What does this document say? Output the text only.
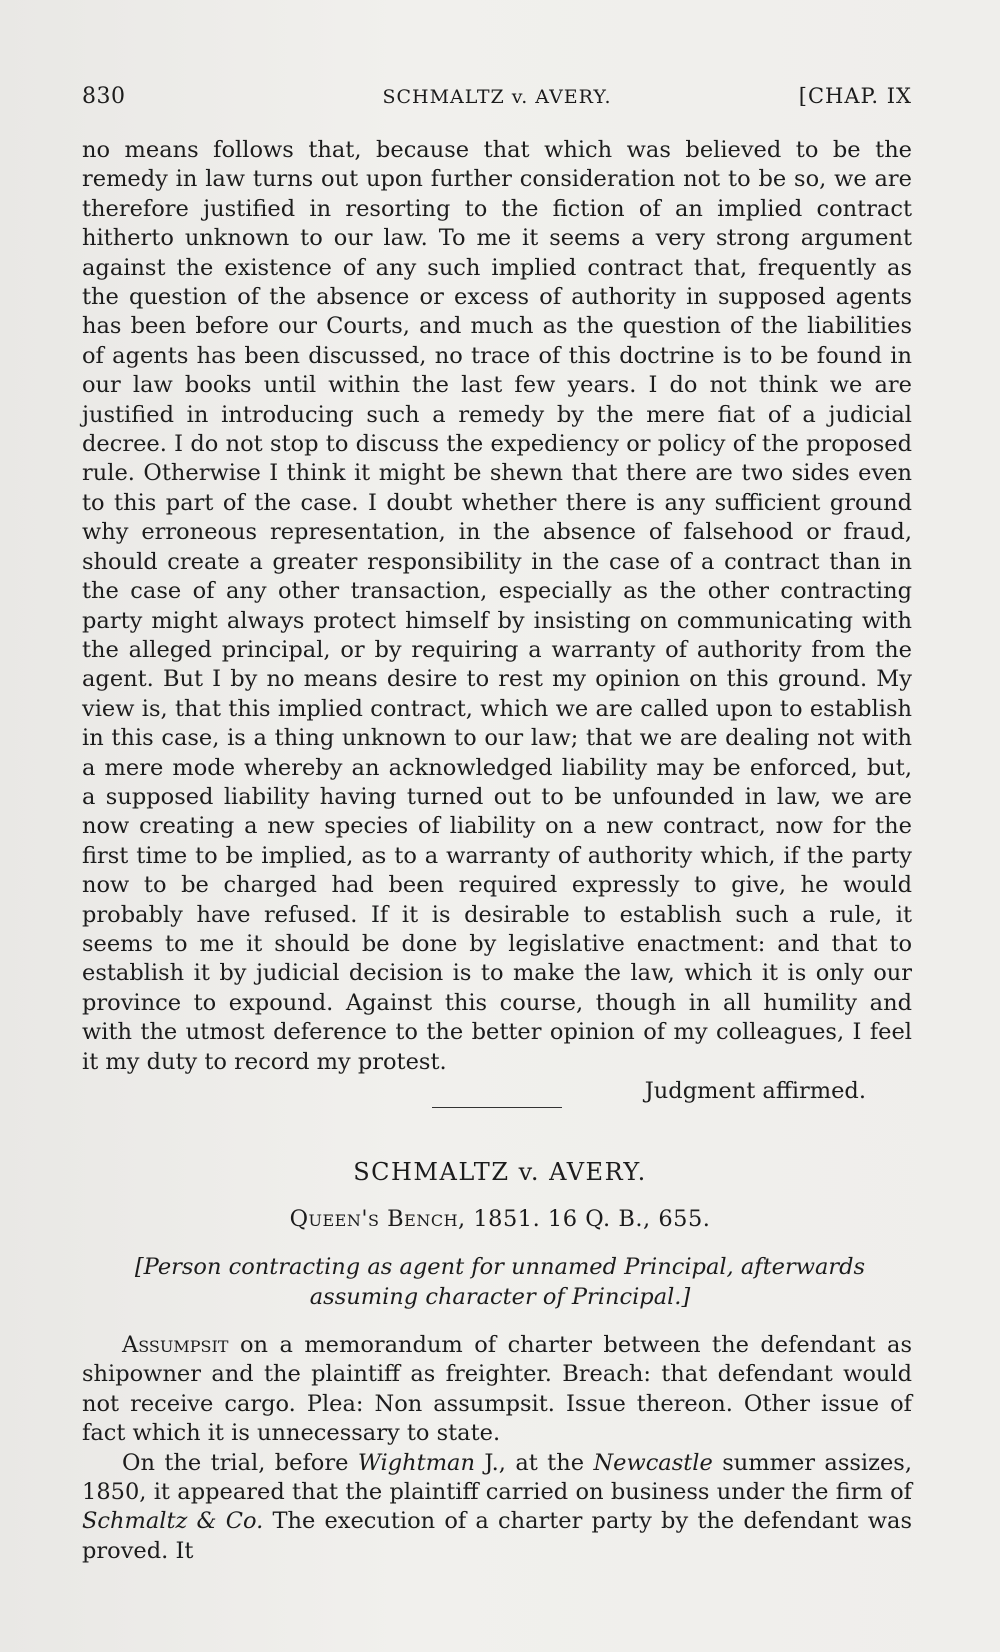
830	SCHMALTZ v. AVERY.	[CHAP. IX

no means follows that, because that which was believed to be the remedy in law turns out upon further consideration not to be so, we are therefore justified in resorting to the fiction of an implied contract hitherto unknown to our law. To me it seems a very strong argument against the existence of any such implied contract that, frequently as the question of the absence or excess of authority in supposed agents has been before our Courts, and much as the question of the liabilities of agents has been discussed, no trace of this doctrine is to be found in our law books until within the last few years. I do not think we are justified in introducing such a remedy by the mere fiat of a judicial decree. I do not stop to discuss the expediency or policy of the proposed rule. Otherwise I think it might be shewn that there are two sides even to this part of the case. I doubt whether there is any sufficient ground why erroneous representation, in the absence of falsehood or fraud, should create a greater responsibility in the case of a contract than in the case of any other transaction, especially as the other contracting party might always protect himself by insisting on communicating with the alleged principal, or by requiring a warranty of authority from the agent. But I by no means desire to rest my opinion on this ground. My view is, that this implied contract, which we are called upon to establish in this case, is a thing unknown to our law; that we are dealing not with a mere mode whereby an acknowledged liability may be enforced, but, a supposed liability having turned out to be unfounded in law, we are now creating a new species of liability on a new contract, now for the first time to be implied, as to a warranty of authority which, if the party now to be charged had been required expressly to give, he would probably have refused. If it is desirable to establish such a rule, it seems to me it should be done by legislative enactment: and that to establish it by judicial decision is to make the law, which it is only our province to expound. Against this course, though in all humility and with the utmost deference to the better opinion of my colleagues, I feel it my duty to record my protest.

Judgment affirmed.

SCHMALTZ v. AVERY.
Queen's Bench, 1851. 16 Q. B., 655.
[Person contracting as agent for unnamed Principal, afterwards assuming character of Principal.]

Assumpsit on a memorandum of charter between the defendant as shipowner and the plaintiff as freighter. Breach: that defendant would not receive cargo. Plea: Non assumpsit. Issue thereon. Other issue of fact which it is unnecessary to state.

On the trial, before Wightman J., at the Newcastle summer assizes, 1850, it appeared that the plaintiff carried on business under the firm of Schmaltz & Co. The execution of a charter party by the defendant was proved. It
